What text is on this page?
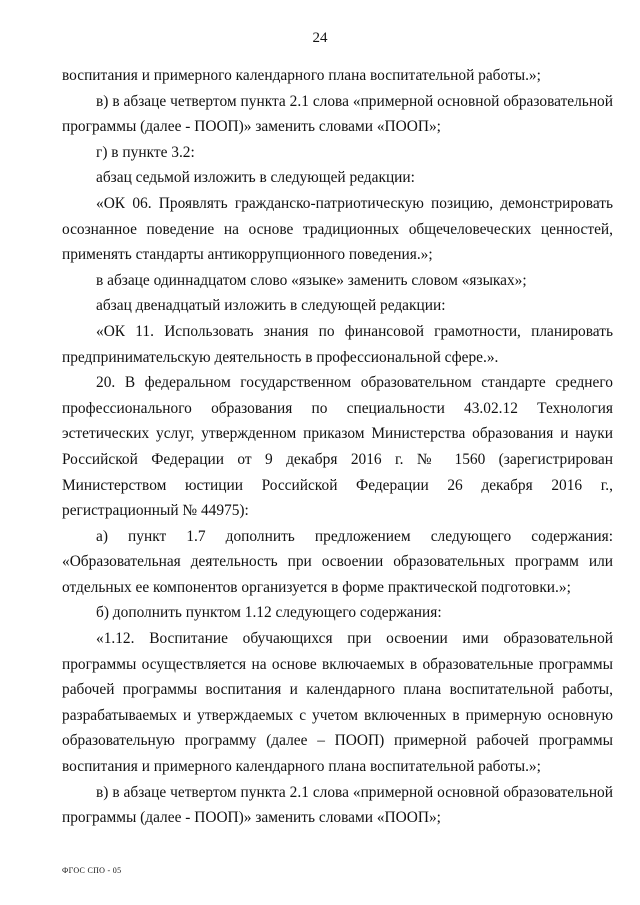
24

воспитания и примерного календарного плана воспитательной работы.»;

в) в абзаце четвертом пункта 2.1 слова «примерной основной образовательной программы (далее - ПООП)» заменить словами «ПООП»;

г) в пункте 3.2:

абзац седьмой изложить в следующей редакции:

«ОК 06. Проявлять гражданско-патриотическую позицию, демонстрировать осознанное поведение на основе традиционных общечеловеческих ценностей, применять стандарты антикоррупционного поведения.»;

в абзаце одиннадцатом слово «языке» заменить словом «языках»;

абзац двенадцатый изложить в следующей редакции:

«ОК 11. Использовать знания по финансовой грамотности, планировать предпринимательскую деятельность в профессиональной сфере.».

20. В федеральном государственном образовательном стандарте среднего профессионального образования по специальности 43.02.12 Технология эстетических услуг, утвержденном приказом Министерства образования и науки Российской Федерации от 9 декабря 2016 г. № 1560 (зарегистрирован Министерством юстиции Российской Федерации 26 декабря 2016 г., регистрационный № 44975):

а) пункт 1.7 дополнить предложением следующего содержания: «Образовательная деятельность при освоении образовательных программ или отдельных ее компонентов организуется в форме практической подготовки.»;

б) дополнить пунктом 1.12 следующего содержания:

«1.12. Воспитание обучающихся при освоении ими образовательной программы осуществляется на основе включаемых в образовательные программы рабочей программы воспитания и календарного плана воспитательной работы, разрабатываемых и утверждаемых с учетом включенных в примерную основную образовательную программу (далее – ПООП) примерной рабочей программы воспитания и примерного календарного плана воспитательной работы.»;

в) в абзаце четвертом пункта 2.1 слова «примерной основной образовательной программы (далее - ПООП)» заменить словами «ПООП»;

ФГОС СПО - 05
